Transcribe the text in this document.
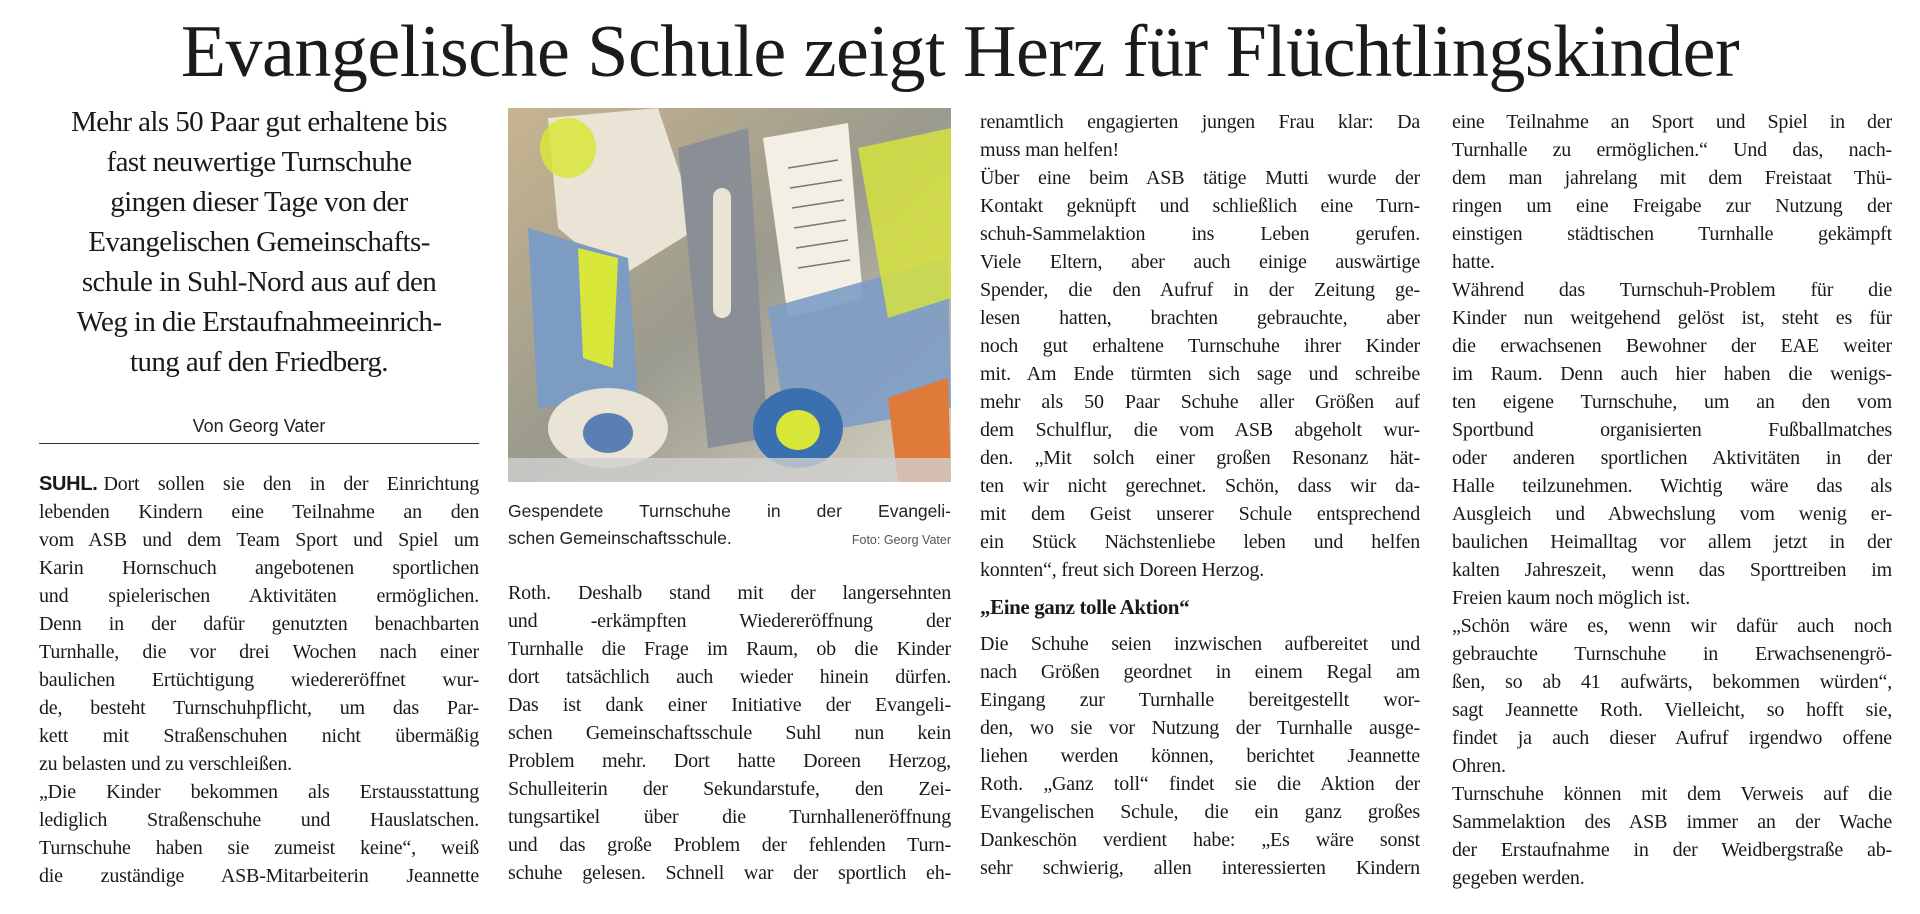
Evangelische Schule zeigt Herz für Flüchtlingskinder
Mehr als 50 Paar gut erhaltene bis
fast neuwertige Turnschuhe
gingen dieser Tage von der
Evangelischen Gemeinschafts-
schule in Suhl-Nord aus auf den
Weg in die Erstaufnahmeeinrich-
tung auf den Friedberg.
Von Georg Vater
Gespendete Turnschuhe in der Evangeli-
schen Gemeinschaftsschule.	Foto: Georg Vater
SUHL. Dort sollen sie den in der Einrichtung
lebenden Kindern eine Teilnahme an den
vom ASB und dem Team Sport und Spiel um
Karin Hornschuch angebotenen sportlichen
und spielerischen Aktivitäten ermöglichen.
Denn in der dafür genutzten benachbarten
Turnhalle, die vor drei Wochen nach einer
baulichen Ertüchtigung wiedereröffnet wur-
de, besteht Turnschuhpflicht, um das Par-
kett mit Straßenschuhen nicht übermäßig
zu belasten und zu verschleißen.
„Die Kinder bekommen als Erstausstattung
lediglich Straßenschuhe und Hauslatschen.
Turnschuhe haben sie zumeist keine“, weiß
die zuständige ASB-Mitarbeiterin Jeannette
Roth. Deshalb stand mit der langersehnten
und -erkämpften Wiedereröffnung der
Turnhalle die Frage im Raum, ob die Kinder
dort tatsächlich auch wieder hinein dürfen.
Das ist dank einer Initiative der Evangeli-
schen Gemeinschaftsschule Suhl nun kein
Problem mehr. Dort hatte Doreen Herzog,
Schulleiterin der Sekundarstufe, den Zei-
tungsartikel über die Turnhalleneröffnung
und das große Problem der fehlenden Turn-
schuhe gelesen. Schnell war der sportlich eh-
renamtlich engagierten jungen Frau klar: Da
muss man helfen!
Über eine beim ASB tätige Mutti wurde der
Kontakt geknüpft und schließlich eine Turn-
schuh-Sammelaktion ins Leben gerufen.
Viele Eltern, aber auch einige auswärtige
Spender, die den Aufruf in der Zeitung ge-
lesen hatten, brachten gebrauchte, aber
noch gut erhaltene Turnschuhe ihrer Kinder
mit. Am Ende türmten sich sage und schreibe
mehr als 50 Paar Schuhe aller Größen auf
dem Schulflur, die vom ASB abgeholt wur-
den. „Mit solch einer großen Resonanz hät-
ten wir nicht gerechnet. Schön, dass wir da-
mit dem Geist unserer Schule entsprechend
ein Stück Nächstenliebe leben und helfen
konnten“, freut sich Doreen Herzog.
„Eine ganz tolle Aktion“
Die Schuhe seien inzwischen aufbereitet und
nach Größen geordnet in einem Regal am
Eingang zur Turnhalle bereitgestellt wor-
den, wo sie vor Nutzung der Turnhalle ausge-
liehen werden können, berichtet Jeannette
Roth. „Ganz toll“ findet sie die Aktion der
Evangelischen Schule, die ein ganz großes
Dankeschön verdient habe: „Es wäre sonst
sehr schwierig, allen interessierten Kindern
eine Teilnahme an Sport und Spiel in der
Turnhalle zu ermöglichen.“ Und das, nach-
dem man jahrelang mit dem Freistaat Thü-
ringen um eine Freigabe zur Nutzung der
einstigen städtischen Turnhalle gekämpft
hatte.
Während das Turnschuh-Problem für die
Kinder nun weitgehend gelöst ist, steht es für
die erwachsenen Bewohner der EAE weiter
im Raum. Denn auch hier haben die wenigs-
ten eigene Turnschuhe, um an den vom
Sportbund organisierten Fußballmatches
oder anderen sportlichen Aktivitäten in der
Halle teilzunehmen. Wichtig wäre das als
Ausgleich und Abwechslung vom wenig er-
baulichen Heimalltag vor allem jetzt in der
kalten Jahreszeit, wenn das Sporttreiben im
Freien kaum noch möglich ist.
„Schön wäre es, wenn wir dafür auch noch
gebrauchte Turnschuhe in Erwachsenengrö-
ßen, so ab 41 aufwärts, bekommen würden“,
sagt Jeannette Roth. Vielleicht, so hofft sie,
findet ja auch dieser Aufruf irgendwo offene
Ohren.
Turnschuhe können mit dem Verweis auf die
Sammelaktion des ASB immer an der Wache
der Erstaufnahme in der Weidbergstraße ab-
gegeben werden.
